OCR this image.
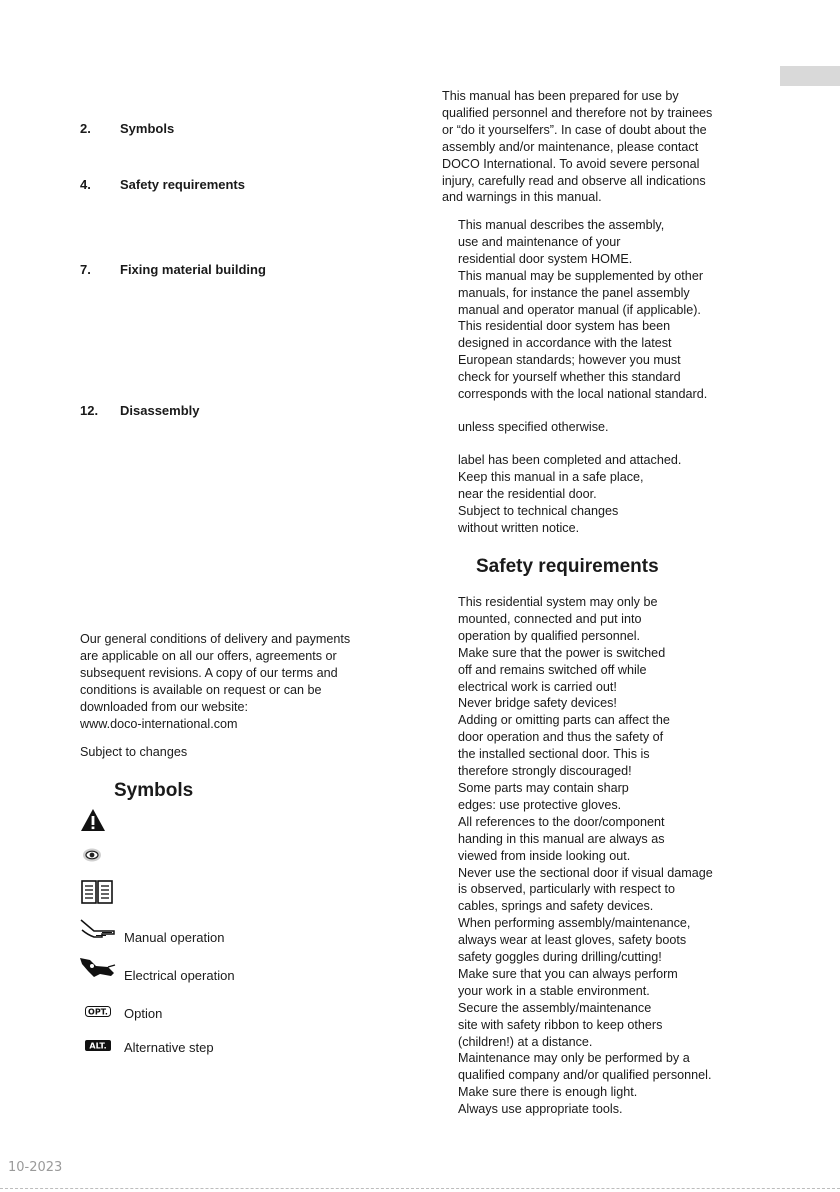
2. Symbols
4. Safety requirements
7. Fixing material building
12. Disassembly
Our general conditions of delivery and payments
are applicable on all our offers, agreements or
subsequent revisions. A copy of our terms and
conditions is available on request or can be
downloaded from our website:
www.doco-international.com
Subject to changes
Symbols
Manual operation
Electrical operation
OPT. Option
ALT. Alternative step
This manual has been prepared for use by
qualified personnel and therefore not by trainees
or “do it yourselfers”. In case of doubt about the
assembly and/or maintenance, please contact
DOCO International. To avoid severe personal
injury, carefully read and observe all indications
and warnings in this manual.
This manual describes the assembly,
use and maintenance of your
residential door system HOME.
This manual may be supplemented by other
manuals, for instance the panel assembly
manual and operator manual (if applicable).
This residential door system has been
designed in accordance with the latest
European standards; however you must
check for yourself whether this standard
corresponds with the local national standard.
unless specified otherwise.
label has been completed and attached.
Keep this manual in a safe place,
near the residential door.
Subject to technical changes
without written notice.
Safety requirements
This residential system may only be
mounted, connected and put into
operation by qualified personnel.
Make sure that the power is switched
off and remains switched off while
electrical work is carried out!
Never bridge safety devices!
Adding or omitting parts can affect the
door operation and thus the safety of
the installed sectional door. This is
therefore strongly discouraged!
Some parts may contain sharp
edges: use protective gloves.
All references to the door/component
handing in this manual are always as
viewed from inside looking out.
Never use the sectional door if visual damage
is observed, particularly with respect to
cables, springs and safety devices.
When performing assembly/maintenance,
always wear at least gloves, safety boots
safety goggles during drilling/cutting!
Make sure that you can always perform
your work in a stable environment.
Secure the assembly/maintenance
site with safety ribbon to keep others
(children!) at a distance.
Maintenance may only be performed by a
qualified company and/or qualified personnel.
Make sure there is enough light.
Always use appropriate tools.
10-2023
